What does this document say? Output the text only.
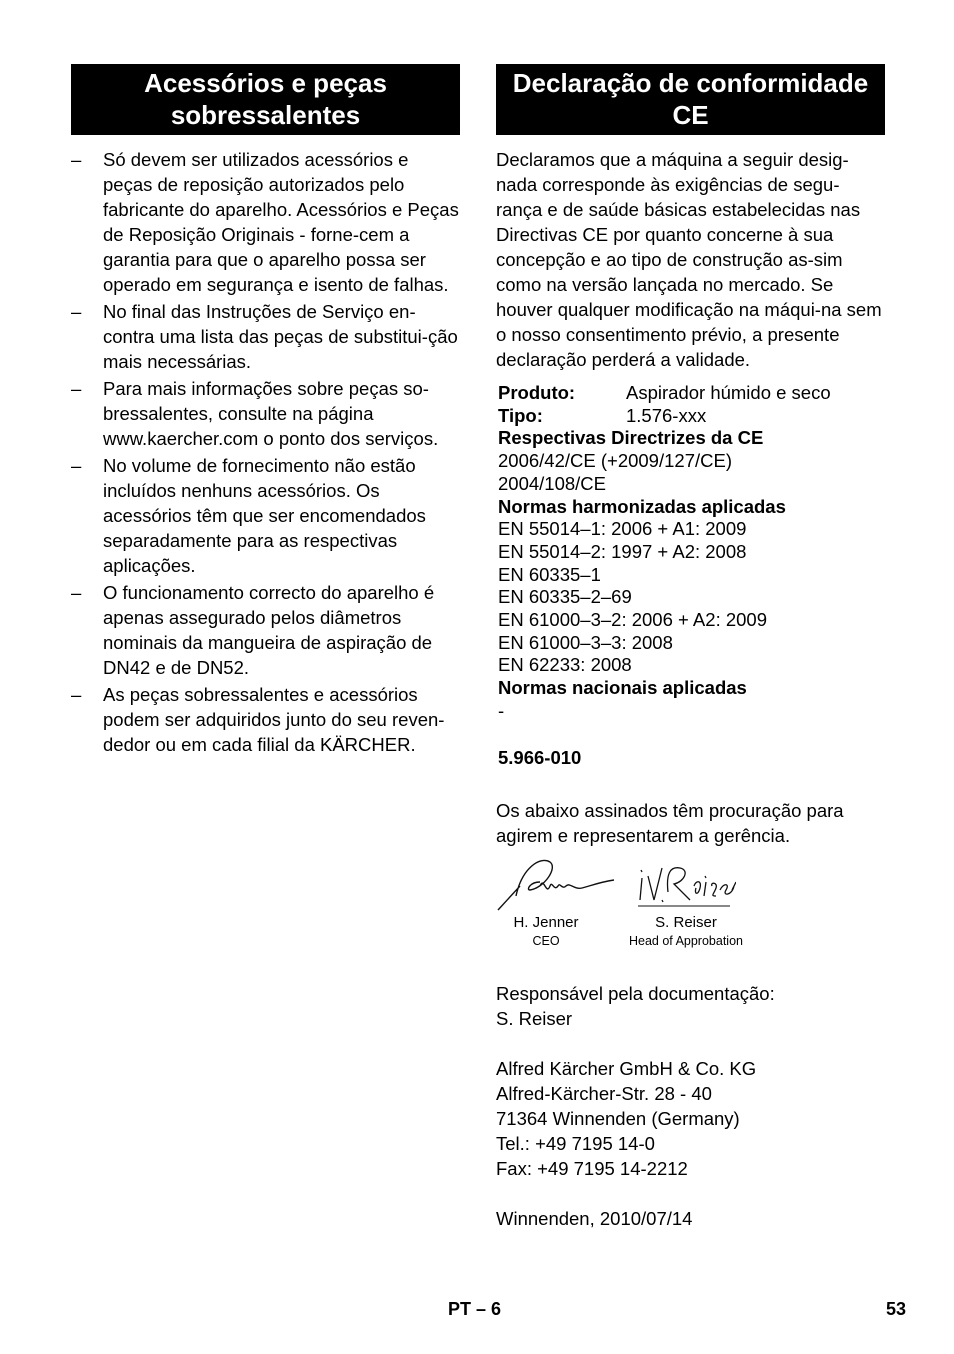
Acessórios e peças
sobressalentes
– Só devem ser utilizados acessórios e peças de reposição autorizados pelo fabricante do aparelho. Acessórios e Peças de Reposição Originais - forne-cem a garantia para que o aparelho possa ser operado em segurança e isento de falhas.
– No final das Instruções de Serviço en-contra uma lista das peças de substitui-ção mais necessárias.
– Para mais informações sobre peças so-bressalentes, consulte na página www.kaercher.com o ponto dos serviços.
– No volume de fornecimento não estão incluídos nenhuns acessórios. Os acessórios têm que ser encomendados separadamente para as respectivas aplicações.
– O funcionamento correcto do aparelho é apenas assegurado pelos diâmetros nominais da mangueira de aspiração de DN42 e de DN52.
– As peças sobressalentes e acessórios podem ser adquiridos junto do seu reven-dedor ou em cada filial da KÄRCHER.
Declaração de conformidade
CE

Declaramos que a máquina a seguir desig-nada corresponde às exigências de segu-rança e de saúde básicas estabelecidas nas Directivas CE por quanto concerne à sua concepção e ao tipo de construção as-sim como na versão lançada no mercado. Se houver qualquer modificação na máqui-na sem o nosso consentimento prévio, a presente declaração perderá a validade.

Produto:	Aspirador húmido e seco
Tipo:	1.576-xxx
Respectivas Directrizes da CE
2006/42/CE (+2009/127/CE)
2004/108/CE
Normas harmonizadas aplicadas
EN 55014–1: 2006 + A1: 2009
EN 55014–2: 1997 + A2: 2008
EN 60335–1
EN 60335–2–69
EN 61000–3–2: 2006 + A2: 2009
EN 61000–3–3: 2008
EN 62233: 2008
Normas nacionais aplicadas
-
5.966-010

Os abaixo assinados têm procuração para agirem e representarem a gerência.

H. Jenner
CEO
S. Reiser
Head of Approbation
Responsável pela documentação:
S. Reiser
Alfred Kärcher GmbH & Co. KG
Alfred-Kärcher-Str. 28 - 40
71364 Winnenden (Germany)
Tel.: +49 7195 14-0
Fax: +49 7195 14-2212
Winnenden, 2010/07/14
PT – 6	53
